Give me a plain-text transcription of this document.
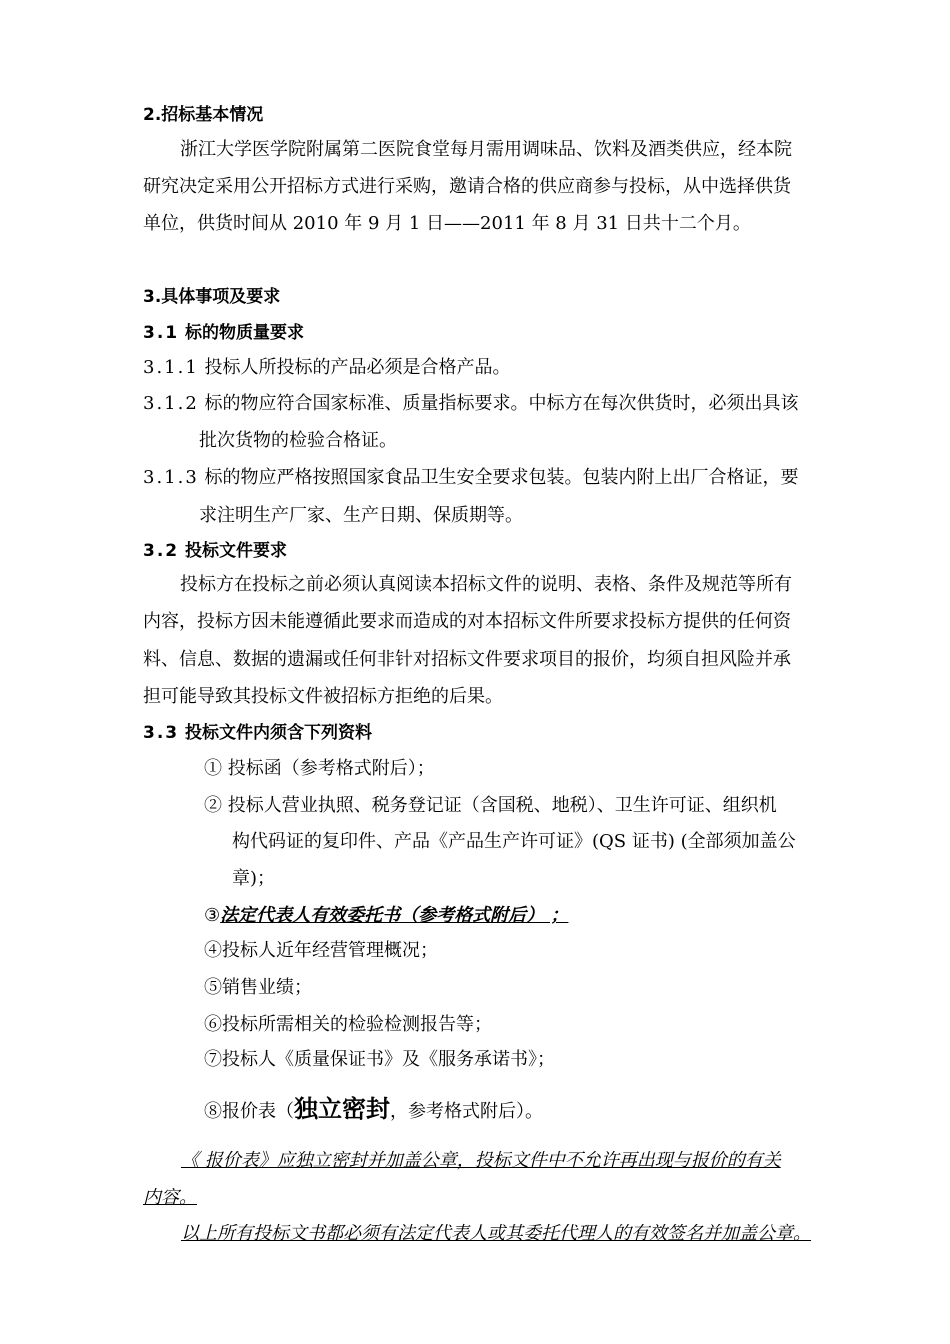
2.招标基本情况
浙江大学医学院附属第二医院食堂每月需用调味品、饮料及酒类供应，经本院
研究决定采用公开招标方式进行采购，邀请合格的供应商参与投标，从中选择供货
单位，供货时间从 2010 年 9 月 1 日——2011 年 8 月 31 日共十二个月。
3.具体事项及要求
3.1 标的物质量要求
3.1.1 投标人所投标的产品必须是合格产品。
3.1.2 标的物应符合国家标准、质量指标要求。中标方在每次供货时，必须出具该
批次货物的检验合格证。
3.1.3 标的物应严格按照国家食品卫生安全要求包装。包装内附上出厂合格证，要
求注明生产厂家、生产日期、保质期等。
3.2 投标文件要求
投标方在投标之前必须认真阅读本招标文件的说明、表格、条件及规范等所有
内容，投标方因未能遵循此要求而造成的对本招标文件所要求投标方提供的任何资
料、信息、数据的遗漏或任何非针对招标文件要求项目的报价，均须自担风险并承
担可能导致其投标文件被招标方拒绝的后果。
3.3 投标文件内须含下列资料
① 投标函（参考格式附后）；
② 投标人营业执照、税务登记证（含国税、地税）、卫生许可证、组织机
构代码证的复印件、产品《产品生产许可证》(QS 证书) (全部须加盖公
章)；
③法定代表人有效委托书（参考格式附后） ；
④投标人近年经营管理概况；
⑤销售业绩；
⑥投标所需相关的检验检测报告等；
⑦投标人《质量保证书》及《服务承诺书》；
⑧报价表（独立密封，参考格式附后）。
《 报价表》应独立密封并加盖公章，投标文件中不允许再出现与报价的有关
内容。
以上所有投标文书都必须有法定代表人或其委托代理人的有效签名并加盖公章。
